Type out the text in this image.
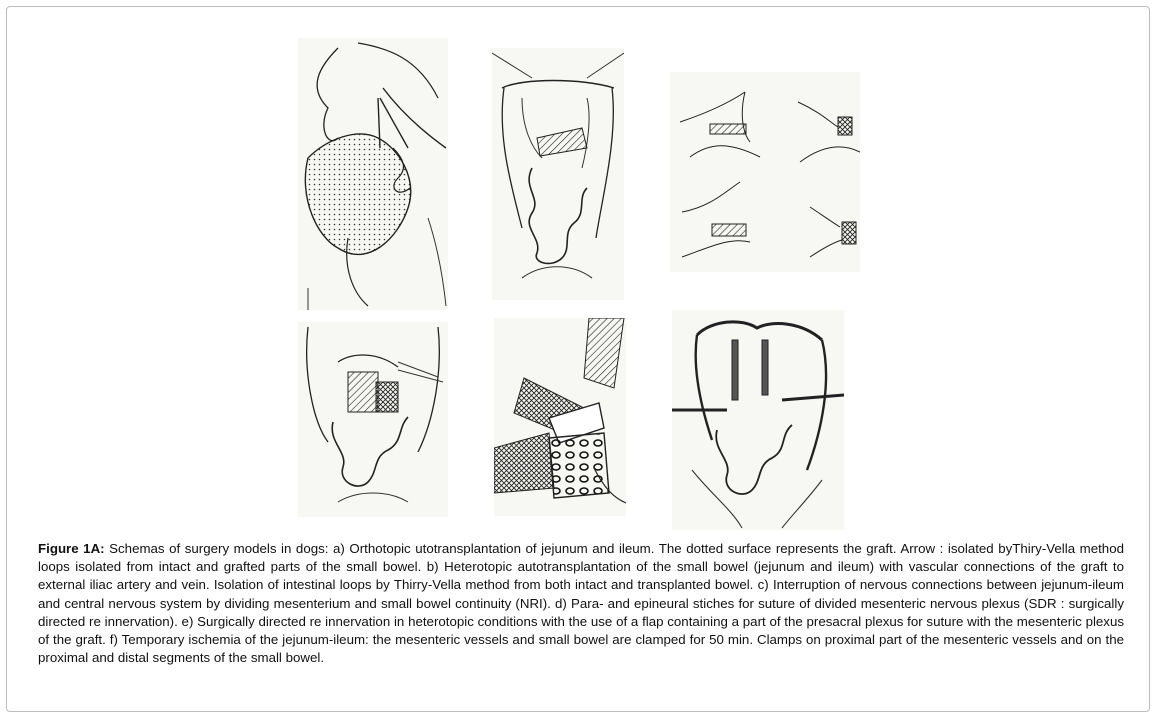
Figure 1A: Schemas of surgery models in dogs: a) Orthotopic utotransplantation of jejunum and ileum. The dotted surface represents the graft. Arrow : isolated byThiry-Vella method loops isolated from intact and grafted parts of the small bowel. b) Heterotopic autotransplantation of the small bowel (jejunum and ileum) with vascular connections of the graft to external iliac artery and vein. Isolation of intestinal loops by Thirry-Vella method from both intact and transplanted bowel. c) Interruption of nervous connections between jejunum-ileum and central nervous system by dividing mesenterium and small bowel continuity (NRI). d) Para- and epineural stiches for suture of divided mesenteric nervous plexus (SDR : surgically directed re innervation). e) Surgically directed re innervation in heterotopic conditions with the use of a flap containing a part of the presacral plexus for suture with the mesenteric plexus of the graft. f) Temporary ischemia of the jejunum-ileum: the mesenteric vessels and small bowel are clamped for 50 min. Clamps on proximal part of the mesenteric vessels and on the proximal and distal segments of the small bowel.
